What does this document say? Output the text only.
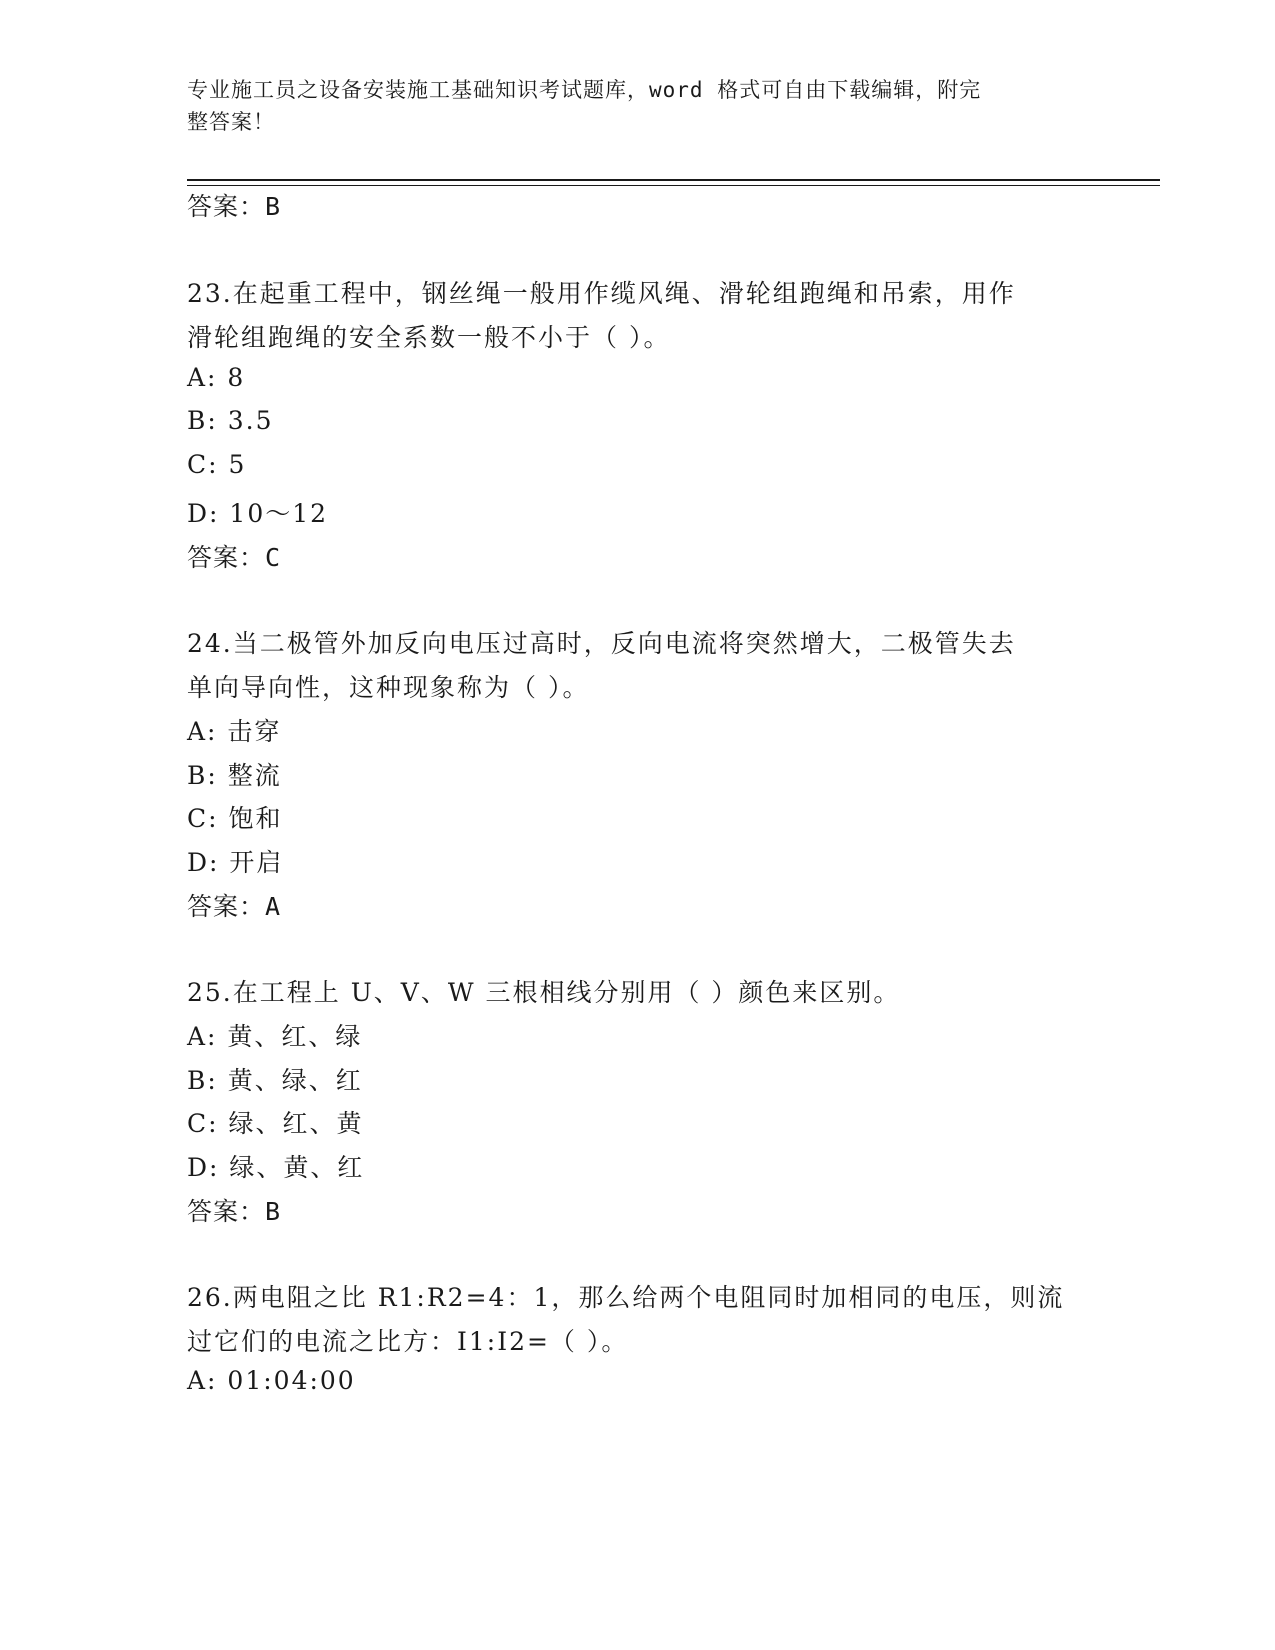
专业施工员之设备安装施工基础知识考试题库，word 格式可自由下载编辑，附完
整答案！
答案：B
23.在起重工程中，钢丝绳一般用作缆风绳、滑轮组跑绳和吊索，用作
滑轮组跑绳的安全系数一般不小于（ ）。
A: 8
B: 3.5
C: 5
D: 10～12
答案：C
24.当二极管外加反向电压过高时，反向电流将突然增大，二极管失去
单向导向性，这种现象称为（ ）。
A: 击穿
B: 整流
C: 饱和
D: 开启
答案：A
25.在工程上 U、V、W 三根相线分别用（ ）颜色来区别。
A: 黄、红、绿
B: 黄、绿、红
C: 绿、红、黄
D: 绿、黄、红
答案：B
26.两电阻之比 R1:R2=4：1，那么给两个电阻同时加相同的电压，则流
过它们的电流之比方：I1:I2=（ ）。
A: 01:04:00
